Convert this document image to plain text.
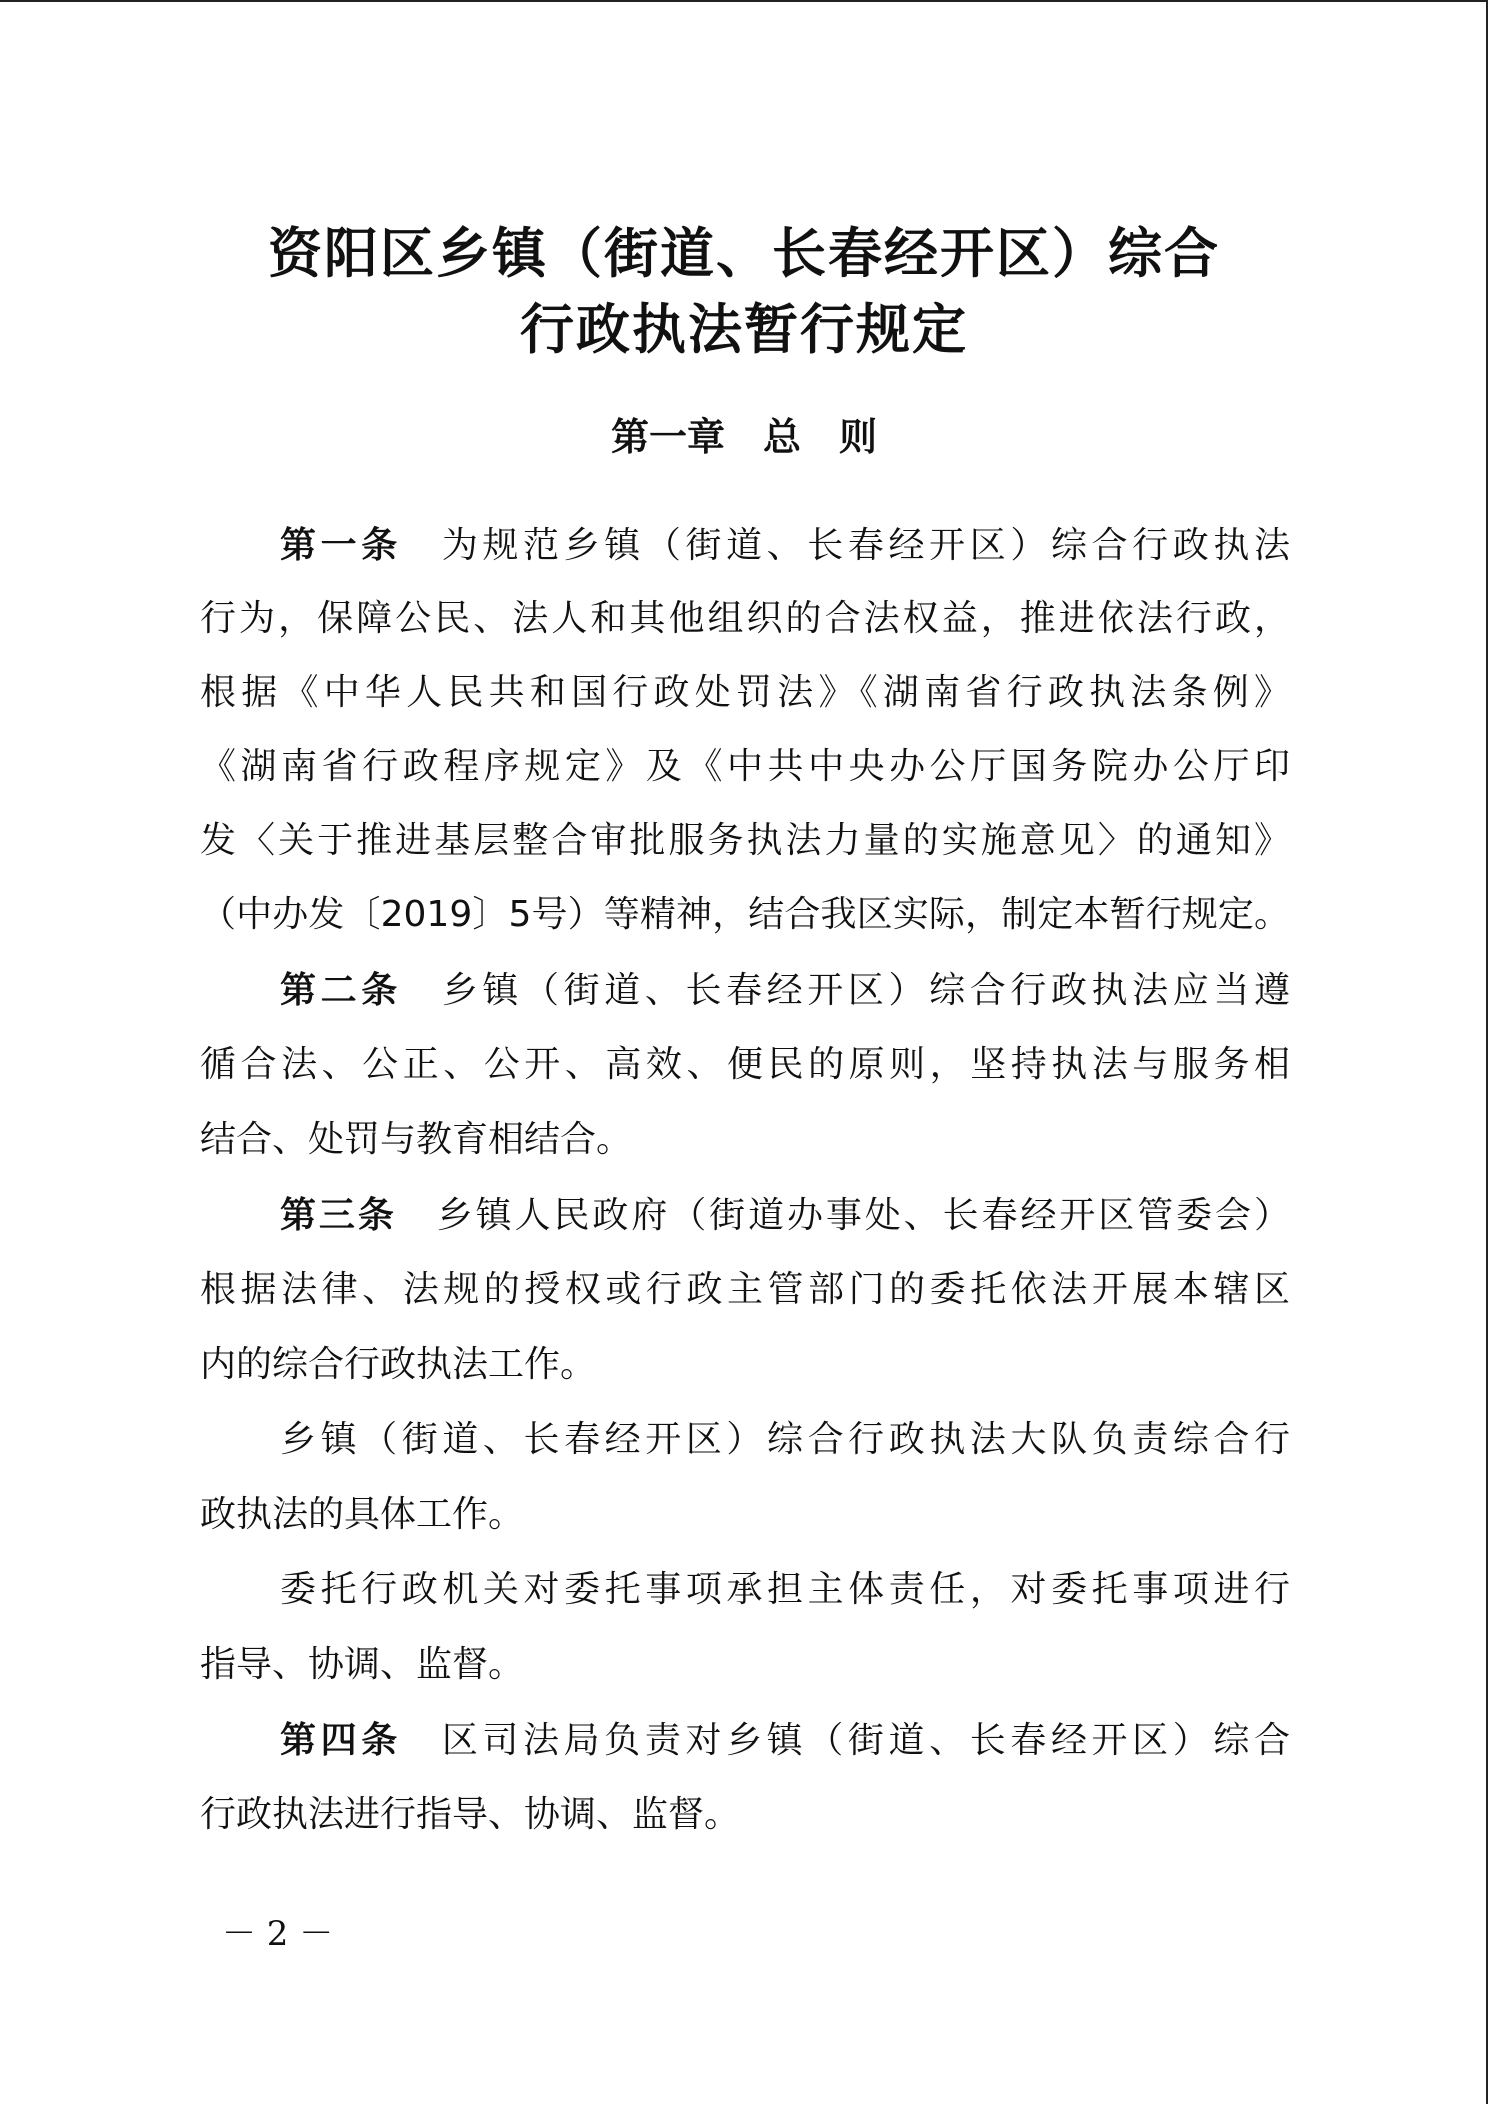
资阳区乡镇（街道、长春经开区）综合
行政执法暂行规定
第一章　总　则
第一条 为规范乡镇（街道、长春经开区）综合行政执法
行为，保障公民、法人和其他组织的合法权益，推进依法行政，
根据《中华人民共和国行政处罚法》《湖南省行政执法条例》
《湖南省行政程序规定》及《中共中央办公厅国务院办公厅印
发〈关于推进基层整合审批服务执法力量的实施意见〉的通知》
（中办发〔2019〕5号）等精神，结合我区实际，制定本暂行规定。
第二条 乡镇（街道、长春经开区）综合行政执法应当遵
循合法、公正、公开、高效、便民的原则，坚持执法与服务相
结合、处罚与教育相结合。
第三条 乡镇人民政府（街道办事处、长春经开区管委会）
根据法律、法规的授权或行政主管部门的委托依法开展本辖区
内的综合行政执法工作。
乡镇（街道、长春经开区）综合行政执法大队负责综合行
政执法的具体工作。
委托行政机关对委托事项承担主体责任，对委托事项进行
指导、协调、监督。
第四条 区司法局负责对乡镇（街道、长春经开区）综合
行政执法进行指导、协调、监督。
－ 2 －
